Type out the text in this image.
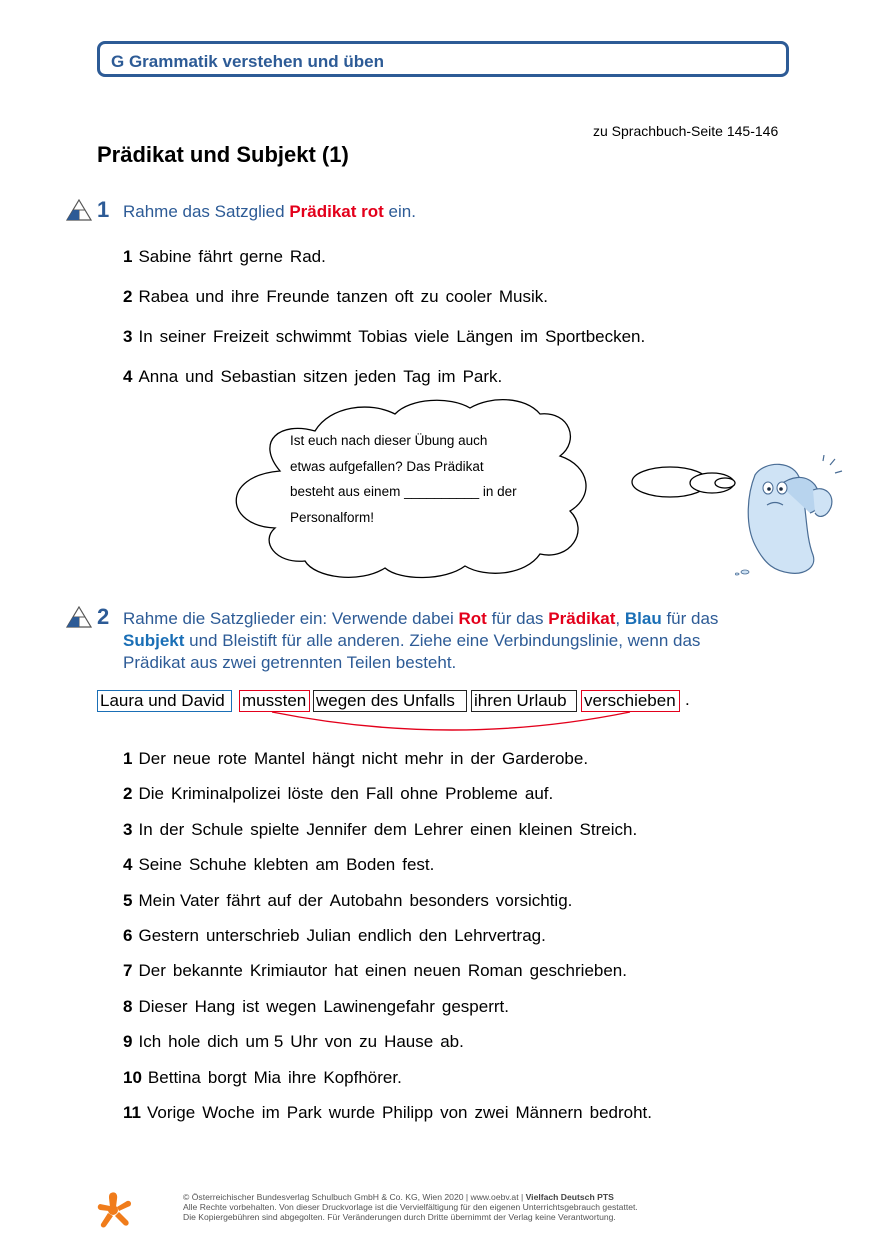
G Grammatik verstehen und üben
zu Sprachbuch-Seite 145-146
Prädikat und Subjekt (1)
1 Rahme das Satzglied Prädikat rot ein.
1 Sabine fährt gerne Rad.
2 Rabea und ihre Freunde tanzen oft zu cooler Musik.
3 In seiner Freizeit schwimmt Tobias viele Längen im Sportbecken.
4 Anna und Sebastian sitzen jeden Tag im Park.
Ist euch nach dieser Übung auch
etwas aufgefallen? Das Prädikat
besteht aus einem __________ in der
Personalform!
2 Rahme die Satzglieder ein: Verwende dabei Rot für das Prädikat, Blau für das Subjekt und Bleistift für alle anderen. Ziehe eine Verbindungslinie, wenn das Prädikat aus zwei getrennten Teilen besteht.
Laura und David	mussten wegen des Unfalls	ihren Urlaub	verschieben .
1 Der neue rote Mantel hängt nicht mehr in der Garderobe.
2 Die Kriminalpolizei löste den Fall ohne Probleme auf.
3 In der Schule spielte Jennifer dem Lehrer einen kleinen Streich.
4 Seine Schuhe klebten am Boden fest.
5 Mein Vater fährt auf der Autobahn besonders vorsichtig.
6 Gestern unterschrieb Julian endlich den Lehrvertrag.
7 Der bekannte Krimiautor hat einen neuen Roman geschrieben.
8 Dieser Hang ist wegen Lawinengefahr gesperrt.
9 Ich hole dich um 5 Uhr von zu Hause ab.
10 Bettina borgt Mia ihre Kopfhörer.
11 Vorige Woche im Park wurde Philipp von zwei Männern bedroht.
© Österreichischer Bundesverlag Schulbuch GmbH & Co. KG, Wien 2020 | www.oebv.at | Vielfach Deutsch PTS
Alle Rechte vorbehalten. Von dieser Druckvorlage ist die Vervielfältigung für den eigenen Unterrichtsgebrauch gestattet.
Die Kopiergebühren sind abgegolten. Für Veränderungen durch Dritte übernimmt der Verlag keine Verantwortung.
